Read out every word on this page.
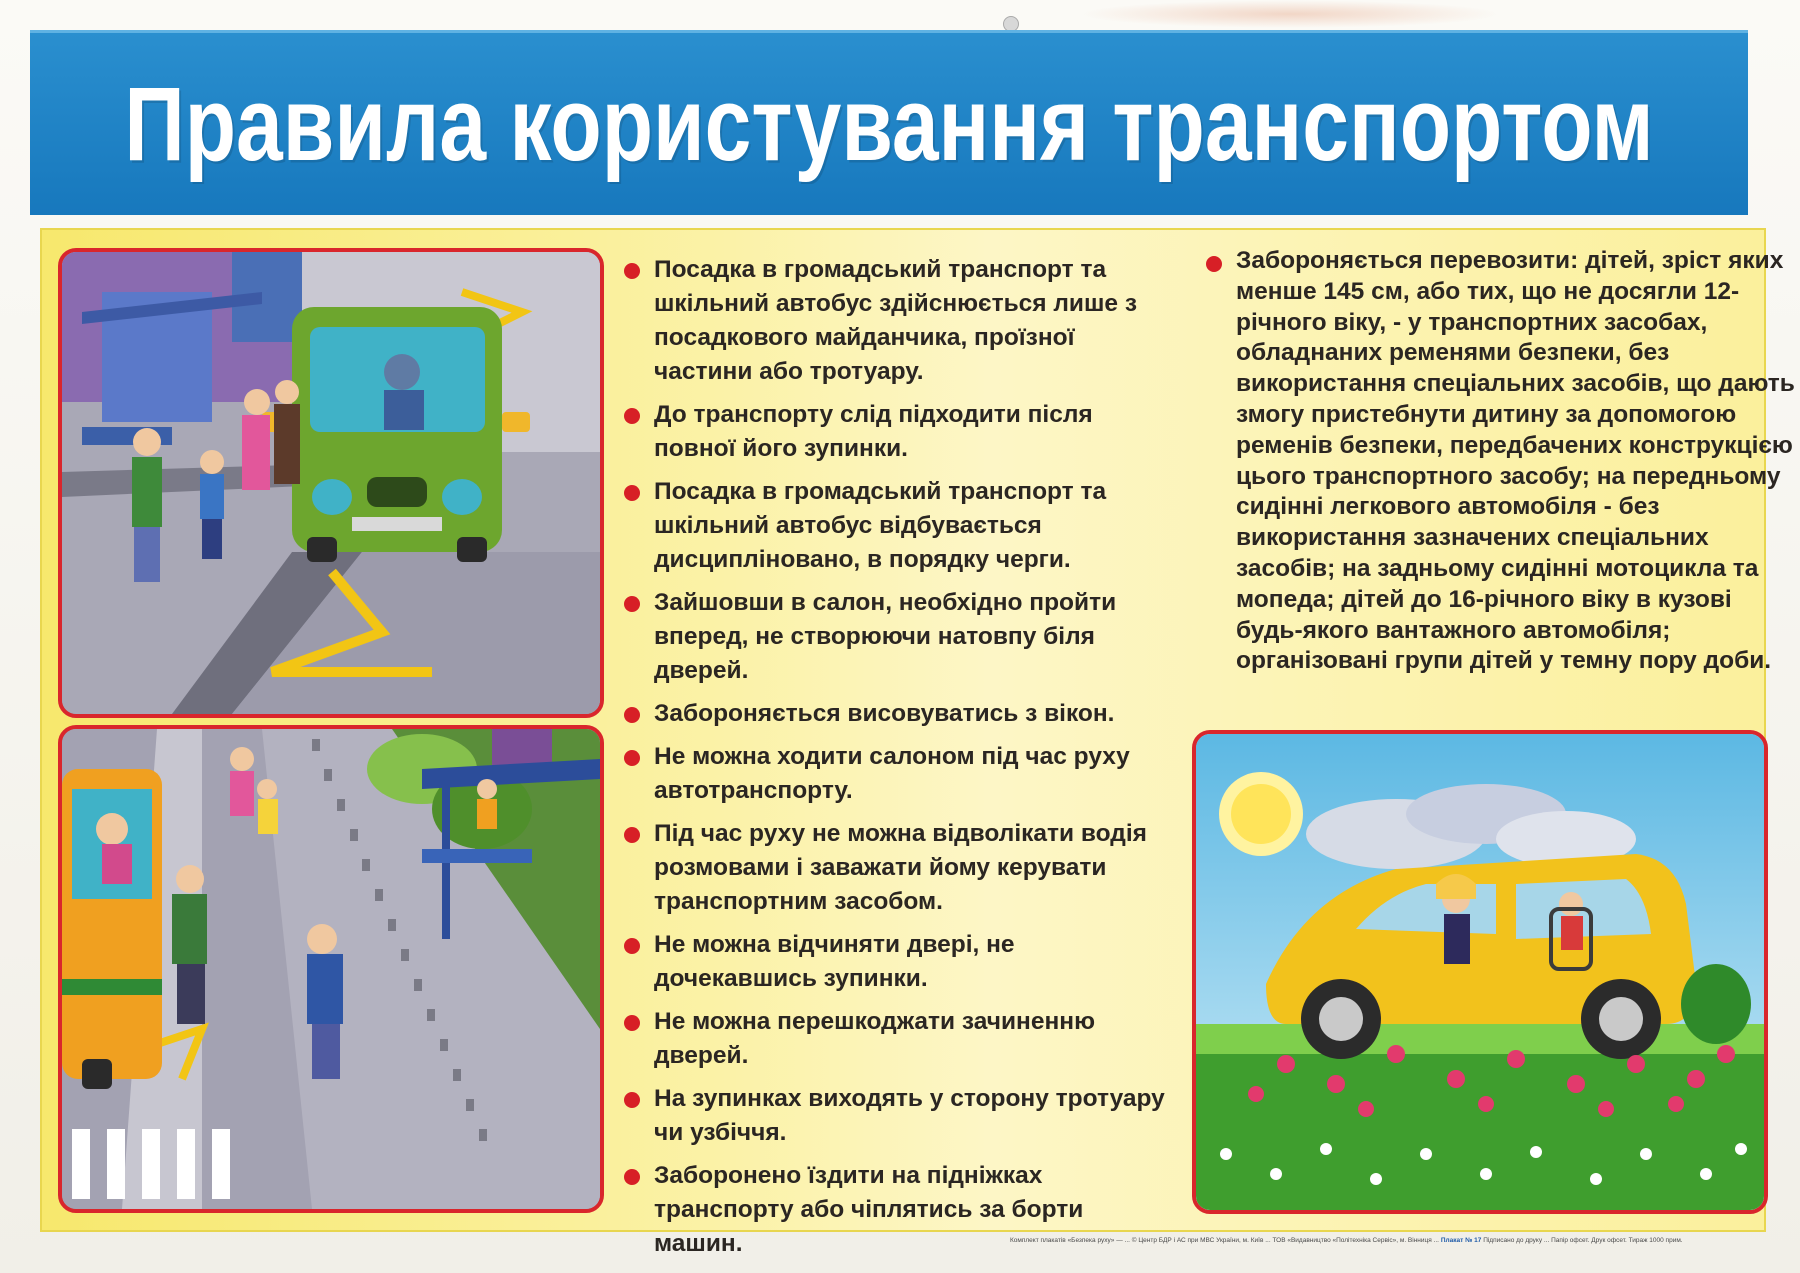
Правила користування транспортом
Посадка в громадський транспорт та шкільний автобус здійснюється лише з посадкового майданчика, проїзної частини або тротуару.
До транспорту слід підходити після повної його зупинки.
Посадка в громадський транспорт та шкільний автобус відбувається дисципліновано, в порядку черги.
Зайшовши в салон, необхідно пройти вперед, не створюючи натовпу біля дверей.
Забороняється висовуватись з вікон.
Не можна ходити салоном під час руху автотранспорту.
Під час руху не можна відволікати водія розмовами і заважати йому керувати транспортним засобом.
Не можна відчиняти двері, не дочекавшись зупинки.
Не можна перешкоджати зачиненню дверей.
На зупинках виходять у сторону тротуару чи узбіччя.
Заборонено їздити на підніжках транспорту або чіплятись за борти машин.
Забороняється перевозити: дітей, зріст яких менше 145 см, або тих, що не досягли 12-річного віку, - у транспортних засобах, обладнаних ременями безпеки, без використання спеціальних засобів, що дають змогу пристебнути дитину за допомогою ременів безпеки, передбачених конструкцією цього транспортного засобу; на передньому сидінні легкового автомобіля - без використання зазначених спеціальних засобів; на задньому сидінні мотоцикла та мопеда; дітей до 16-річного віку в кузові будь-якого вантажного автомобіля; організовані групи дітей у темну пору доби.
Комплект плакатів «Безпека руху» — ... © Центр БДР і АС при МВС України, м. Київ ... ТОВ «Видавництво «Політехніка Сервіс», м. Вінниця ... Плакат № 17 Підписано до друку ... Папір офсет. Друк офсет. Тираж 1000 прим.
